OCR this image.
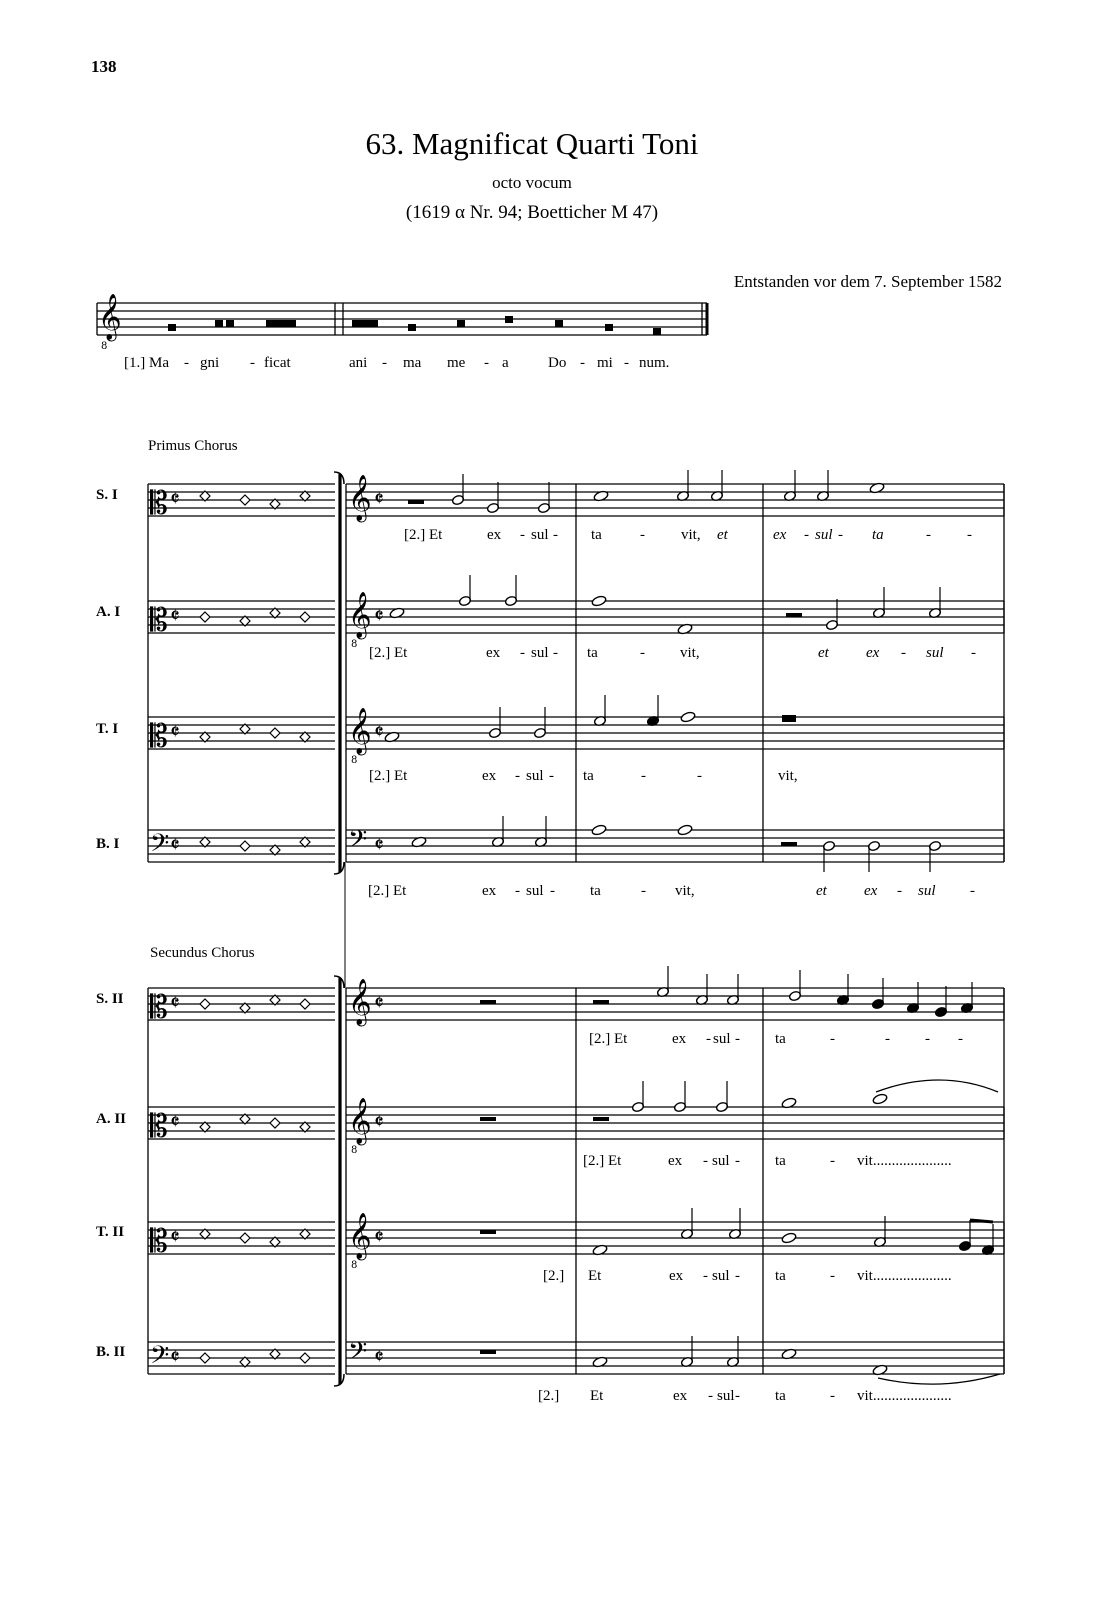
138
63. Magnificat Quarti Toni
octo vocum
(1619 α Nr. 94; Boetticher M 47)
Entstanden vor dem 7. September 1582
Primus Chorus
Secundus Chorus
S. I
A. I
T. I
B. I
S. II
A. II
T. II
B. II
𝄞
8
𝄡 𝄵	𝄞 𝄵
𝄡 𝄵	𝄞
8
𝄵
𝄡 𝄵	𝄞
8
𝄵
𝄢 𝄵	𝄢 𝄵
𝄡 𝄵	𝄞 𝄵
𝄡 𝄵	𝄞
8
𝄵
𝄡 𝄵	𝄞
8
𝄵
𝄢 𝄵	𝄢 𝄵
[1.] Ma - gni - ficat	ani - ma me - a	Do - mi - num.
[2.] Et	ex - sul - ta	- vit, et	ex - sul - ta	- -
[2.] Et	ex - sul - ta	- vit,	et ex - sul -
[2.] Et	ex - sul - ta	-	-	vit,
[2.] Et	ex - sul - ta	- vit,	et ex - sul -
[2.] Et	ex - sul - ta	-	- - -
[2.] Et	ex - sul - ta	- vit.....................
[2.] Et	ex - sul - ta	- vit.....................
[2.] Et	ex - sul - ta	- vit.....................
